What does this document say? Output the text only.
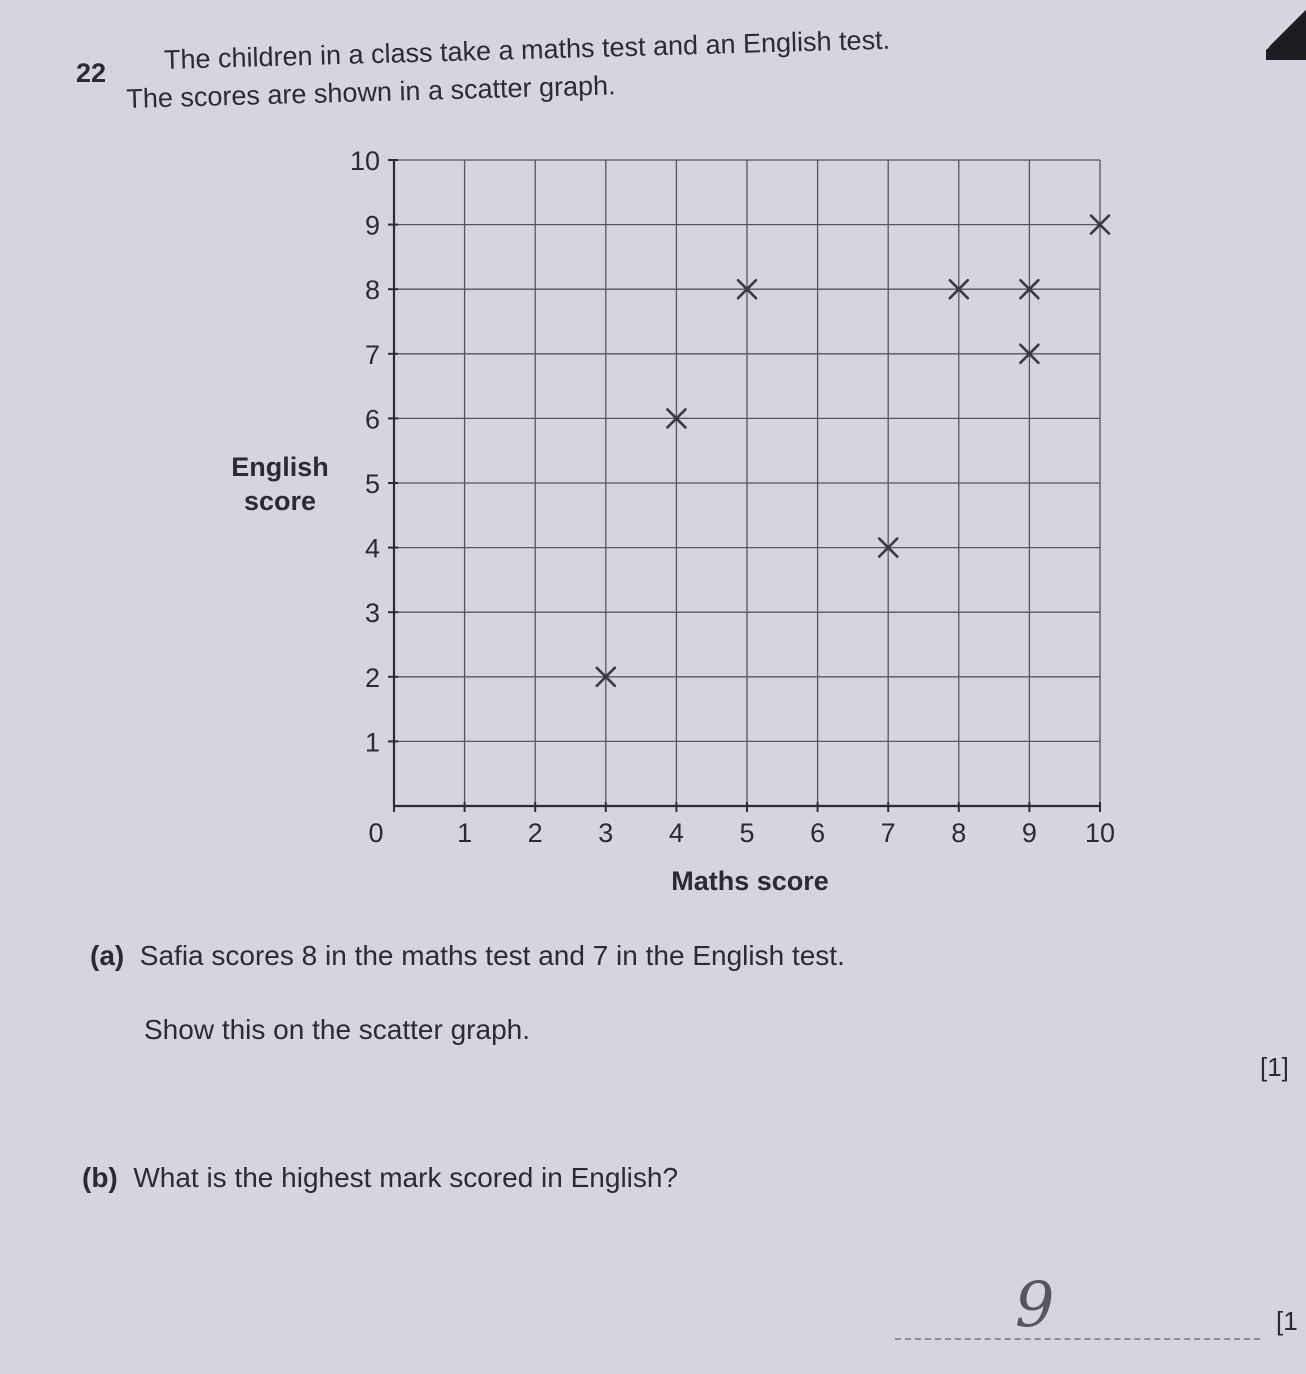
22	The children in a class take a maths test and an English test.
The scores are shown in a scatter graph.
0	1 2 3 4 5 6 7 8 9 10
1
2
3
4
5
6
7
8
9
10
English
score
Maths score
(a) Safia scores 8 in the maths test and 7 in the English test.
Show this on the scatter graph.
[1]
(b) What is the highest mark scored in English?
9	[1
